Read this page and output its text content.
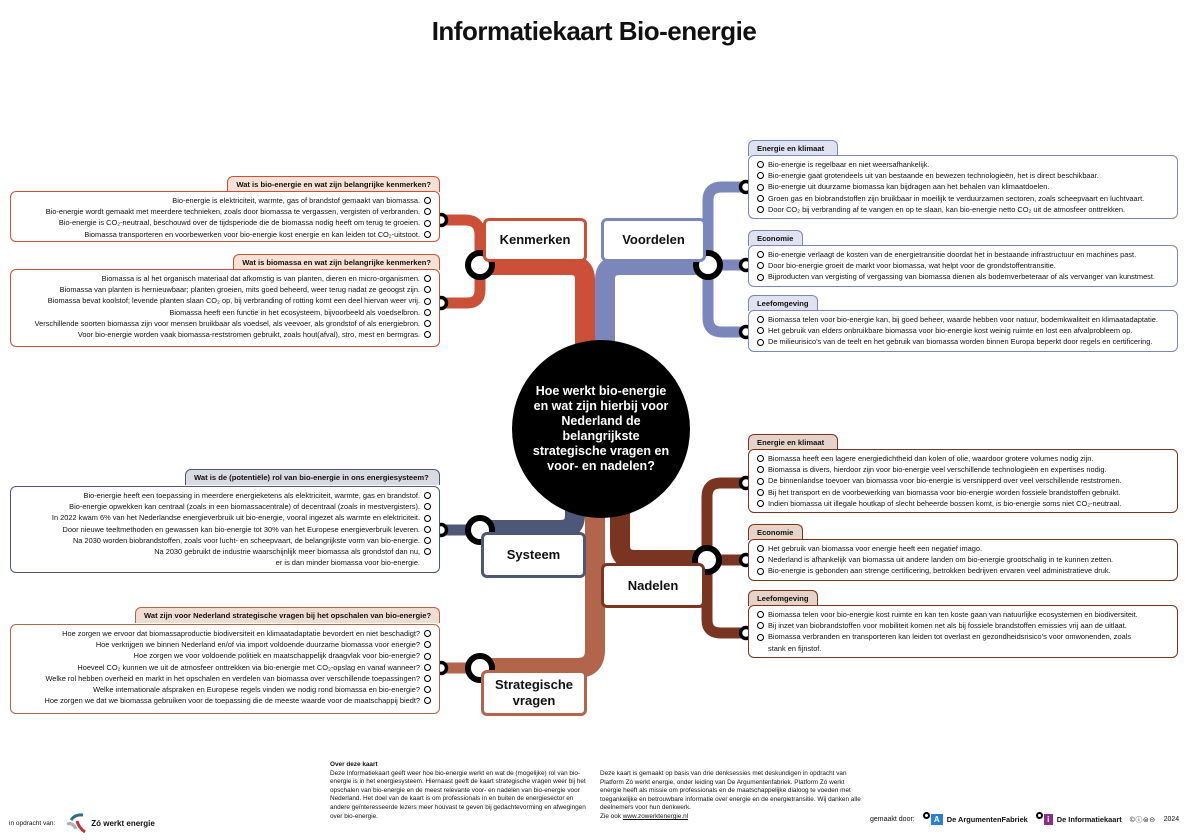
Informatiekaart Bio-energie
Hoe werkt bio-energie en wat zijn hierbij voor Nederland de belangrijkste strategische vragen en voor- en nadelen?
Kenmerken	Voordelen
Systeem
Nadelen
Strategische vragen
Wat is bio-energie en wat zijn belangrijke kenmerken?
Bio-energie is elektriciteit, warmte, gas of brandstof gemaakt van biomassa.
Bio-energie wordt gemaakt met meerdere technieken, zoals door biomassa te vergassen, vergisten of verbranden.
Bio-energie is CO₂-neutraal, beschouwd over de tijdsperiode die de biomassa nodig heeft om terug te groeien.
Biomassa transporteren en voorbewerken voor bio-energie kost energie en kan leiden tot CO₂-uitstoot.
Wat is biomassa en wat zijn belangrijke kenmerken?
Biomassa is al het organisch materiaal dat afkomstig is van planten, dieren en micro-organismen.
Biomassa van planten is hernieuwbaar; planten groeien, mits goed beheerd, weer terug nadat ze geoogst zijn.
Biomassa bevat koolstof; levende planten slaan CO₂ op, bij verbranding of rotting komt een deel hiervan weer vrij.
Biomassa heeft een functie in het ecosysteem, bijvoorbeeld als voedselbron.
Verschillende soorten biomassa zijn voor mensen bruikbaar als voedsel, als veevoer, als grondstof of als energiebron.
Voor bio-energie worden vaak biomassa-reststromen gebruikt, zoals hout(afval), stro, mest en bermgras.
Energie en klimaat
Bio-energie is regelbaar en niet weersafhankelijk.
Bio-energie gaat grotendeels uit van bestaande en bewezen technologieën, het is direct beschikbaar.
Bio-energie uit duurzame biomassa kan bijdragen aan het behalen van klimaatdoelen.
Groen gas en biobrandstoffen zijn bruikbaar in moeilijk te verduurzamen sectoren, zoals scheepvaart en luchtvaart.
Door CO₂ bij verbranding af te vangen en op te slaan, kan bio-energie netto CO₂ uit de atmosfeer onttrekken.
Economie
Bio-energie verlaagt de kosten van de energietransitie doordat het in bestaande infrastructuur en machines past.
Door bio-energie groeit de markt voor biomassa, wat helpt voor de grondstoffentransitie.
Bijproducten van vergisting of vergassing van biomassa dienen als bodemverbeteraar of als vervanger van kunstmest.
Leefomgeving
Biomassa telen voor bio-energie kan, bij goed beheer, waarde hebben voor natuur, bodemkwaliteit en klimaatadaptatie.
Het gebruik van elders onbruikbare biomassa voor bio-energie kost weinig ruimte en lost een afvalprobleem op.
De milieurisico’s van de teelt en het gebruik van biomassa worden binnen Europa beperkt door regels en certificering.
Wat is de (potentiële) rol van bio-energie in ons energiesysteem?
Bio-energie heeft een toepassing in meerdere energieketens als elektriciteit, warmte, gas en brandstof.
Bio-energie opwekken kan centraal (zoals in een biomassacentrale) of decentraal (zoals in mestvergisters).
In 2022 kwam 6% van het Nederlandse energieverbruik uit bio-energie, vooral ingezet als warmte en elektriciteit.
Door nieuwe teeltmethoden en gewassen kan bio-energie tot 30% van het Europese energieverbruik leveren.
Na 2030 worden biobrandstoffen, zoals voor lucht- en scheepvaart, de belangrijkste vorm van bio-energie.
Na 2030 gebruikt de industrie waarschijnlijk meer biomassa als grondstof dan nu,
er is dan minder biomassa voor bio-energie.
Energie en klimaat
Biomassa heeft een lagere energiedichtheid dan kolen of olie, waardoor grotere volumes nodig zijn.
Biomassa is divers, hierdoor zijn voor bio-energie veel verschillende technologieën en expertises nodig.
De binnenlandse toevoer van biomassa voor bio-energie is versnipperd over veel verschillende reststromen.
Bij het transport en de voorbewerking van biomassa voor bio-energie worden fossiele brandstoffen gebruikt.
Indien biomassa uit illegale houtkap of slecht beheerde bossen komt, is bio-energie soms niet CO₂-neutraal.
Economie
Het gebruik van biomassa voor energie heeft een negatief imago.
Nederland is afhankelijk van biomassa uit andere landen om bio-energie grootschalig in te kunnen zetten.
Bio-energie is gebonden aan strenge certificering, betrokken bedrijven ervaren veel administratieve druk.
Leefomgeving
Biomassa telen voor bio-energie kost ruimte en kan ten koste gaan van natuurlijke ecosystemen en biodiversiteit.
Bij inzet van biobrandstoffen voor mobiliteit komen net als bij fossiele brandstoffen emissies vrij aan de uitlaat.
Biomassa verbranden en transporteren kan leiden tot overlast en gezondheidsrisico’s voor omwonenden, zoals
stank en fijnstof.
Wat zijn voor Nederland strategische vragen bij het opschalen van bio-energie?
Hoe zorgen we ervoor dat biomassaproductie biodiversiteit en klimaatadaptatie bevordert en niet beschadigt?
Hoe verkrijgen we binnen Nederland en/of via import voldoende duurzame biomassa voor energie?
Hoe zorgen we voor voldoende politiek en maatschappelijk draagvlak voor bio-energie?
Hoeveel CO₂ kunnen we uit de atmosfeer onttrekken via bio-energie met CO₂-opslag en vanaf wanneer?
Welke rol hebben overheid en markt in het opschalen en verdelen van biomassa over verschillende toepassingen?
Welke internationale afspraken en Europese regels vinden we nodig rond biomassa en bio-energie?
Hoe zorgen we dat we biomassa gebruiken voor de toepassing die de meeste waarde voor de maatschappij biedt?
Over deze kaart
Deze Informatiekaart geeft weer hoe bio-energie werkt en wat de (mogelijke) rol van bio-energie is in het energiesysteem. Hiernaast geeft de kaart strategische vragen weer bij het opschalen van bio-energie en de meest relevante voor- en nadelen van bio-energie voor Nederland. Het doel van de kaart is om professionals in en buiten de energiesector en andere geïnteresseerde lezers meer houvast te geven bij gedachtevorming en afwegingen over bio-energie.
Deze kaart is gemaakt op basis van drie denksessies met deskundigen in opdracht van Platform Zó werkt energie, onder leiding van De Argumentenfabriek. Platform Zó werkt energie heeft als missie om professionals en de maatschappelijke dialoog te voeden met toegankelijke en betrouwbare informatie over energie en de energietransitie. Wij danken alle deelnemers voor hun denkwerk.
Zie ook www.zowerktenergie.nl
in opdracht van:	Zó werkt energie	gemaakt door:	A De ArgumentenFabriek	i De Informatiekaart ©ⓘ⊜⊝ 2024
